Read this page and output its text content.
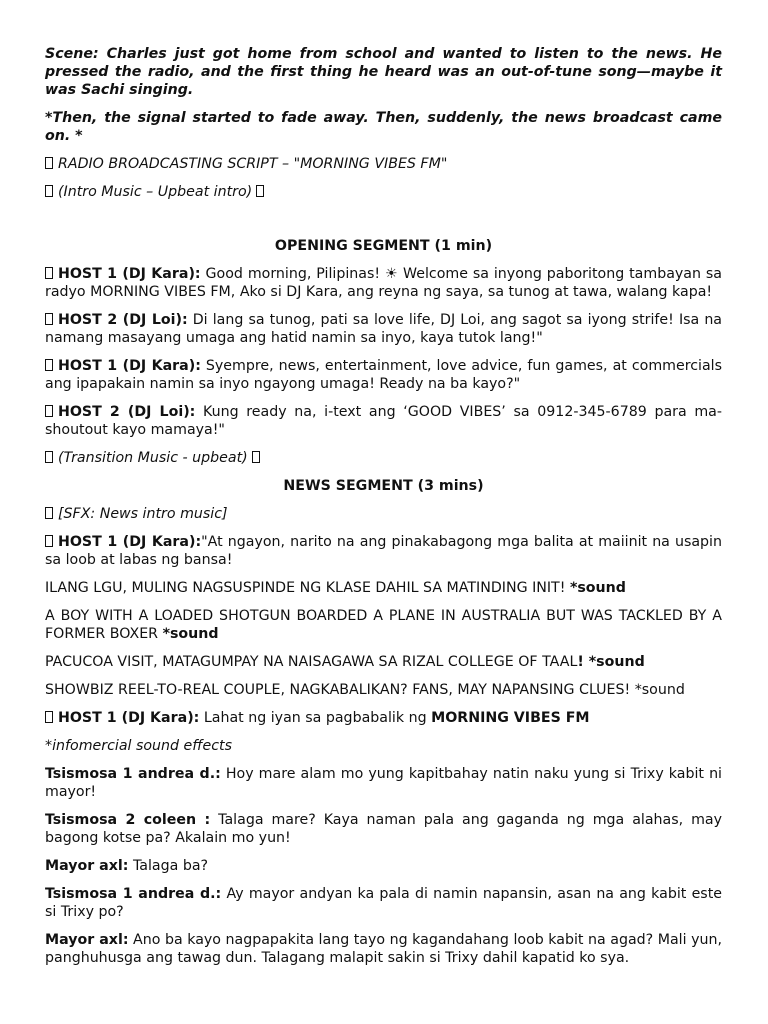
Scene: Charles just got home from school and wanted to listen to the news. He pressed the radio, and the first thing he heard was an out-of-tune song—maybe it was Sachi singing.

*Then, the signal started to fade away. Then, suddenly, the news broadcast came on. *

RADIO BROADCASTING SCRIPT – "MORNING VIBES FM"

(Intro Music – Upbeat intro)

OPENING SEGMENT (1 min)

HOST 1 (DJ Kara): Good morning, Pilipinas! ☀ Welcome sa inyong paboritong tambayan sa radyo MORNING VIBES FM, Ako si DJ Kara, ang reyna ng saya, sa tunog at tawa, walang kapa!

HOST 2 (DJ Loi): Di lang sa tunog, pati sa love life, DJ Loi, ang sagot sa iyong strife! Isa na namang masayang umaga ang hatid namin sa inyo, kaya tutok lang!"

HOST 1 (DJ Kara): Syempre, news, entertainment, love advice, fun games, at commercials ang ipapakain namin sa inyo ngayong umaga! Ready na ba kayo?"

HOST 2 (DJ Loi): Kung ready na, i-text ang ‘GOOD VIBES’ sa 0912-345-6789 para ma-shoutout kayo mamaya!"

(Transition Music - upbeat)

NEWS SEGMENT (3 mins)

[SFX: News intro music]

HOST 1 (DJ Kara):"At ngayon, narito na ang pinakabagong mga balita at maiinit na usapin sa loob at labas ng bansa!

ILANG LGU, MULING NAGSUSPINDE NG KLASE DAHIL SA MATINDING INIT! *sound

A BOY WITH A LOADED SHOTGUN BOARDED A PLANE IN AUSTRALIA BUT WAS TACKLED BY A FORMER BOXER *sound

PACUCOA VISIT, MATAGUMPAY NA NAISAGAWA SA RIZAL COLLEGE OF TAAL! *sound

SHOWBIZ REEL-TO-REAL COUPLE, NAGKABALIKAN? FANS, MAY NAPANSING CLUES! *sound

HOST 1 (DJ Kara): Lahat ng iyan sa pagbabalik ng MORNING VIBES FM

*infomercial sound effects

Tsismosa 1 andrea d.: Hoy mare alam mo yung kapitbahay natin naku yung si Trixy kabit ni mayor!

Tsismosa 2 coleen : Talaga mare? Kaya naman pala ang gaganda ng mga alahas, may bagong kotse pa? Akalain mo yun!

Mayor axl: Talaga ba?

Tsismosa 1 andrea d.: Ay mayor andyan ka pala di namin napansin, asan na ang kabit este si Trixy po?

Mayor axl: Ano ba kayo nagpapakita lang tayo ng kagandahang loob kabit na agad? Mali yun, panghuhusga ang tawag dun. Talagang malapit sakin si Trixy dahil kapatid ko sya.
